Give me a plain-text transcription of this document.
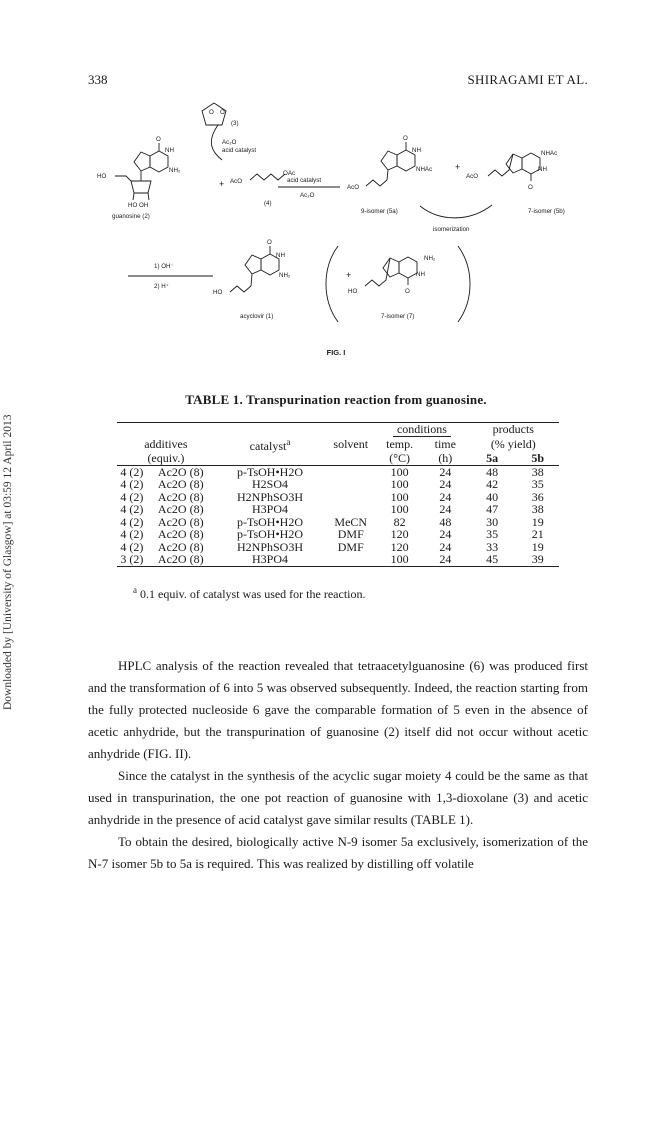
338	SHIRAGAMI ET AL.
Downloaded by [University of Glasgow] at 03:59 12 April 2013
O O
(3)
Ac₂O
acid catalyst
O
NH
NH₂
HO
HO OH
guanosine (2)
+ AcO
OAc
(4)
acid catalyst
Ac₂O
O
NH
NHAc
AcO
9-isomer (5a)
+
AcO
NHAc
NH
O
7-isomer (5b)
isomerization
1) OH⁻
2) H⁺
O
NH
NH₂
HO
acyclovir (1)
+
NH₂
NH
O
HO
7-isomer (7)
FIG. I
TABLE 1. Transpurination reaction from guanosine.
				conditions		products	
additives		catalyst$^a$	solvent	temp.	time	(% yield)	
(equiv.)				(°C)	(h)	5a	5b
4 (2)	Ac2O (8)	p-TsOH•H2O		100	24	48	38
4 (2)	Ac2O (8)	H2SO4		100	24	42	35
4 (2)	Ac2O (8)	H2NPhSO3H		100	24	40	36
4 (2)	Ac2O (8)	H3PO4		100	24	47	38
4 (2)	Ac2O (8)	p-TsOH•H2O	MeCN	82	48	30	19
4 (2)	Ac2O (8)	p-TsOH•H2O	DMF	120	24	35	21
4 (2)	Ac2O (8)	H2NPhSO3H	DMF	120	24	33	19
3 (2)	Ac2O (8)	H3PO4		100	24	45	39
$^a$ 0.1 equiv. of catalyst was used for the reaction.

HPLC analysis of the reaction revealed that tetraacetylguanosine (6) was produced first and the transformation of 6 into 5 was observed subsequently. Indeed, the reaction starting from the fully protected nucleoside 6 gave the comparable formation of 5 even in the absence of acetic anhydride, but the transpurination of guanosine (2) itself did not occur without acetic anhydride (FIG. II).

Since the catalyst in the synthesis of the acyclic sugar moiety 4 could be the same as that used in transpurination, the one pot reaction of guanosine with 1,3-dioxolane (3) and acetic anhydride in the presence of acid catalyst gave similar results (TABLE 1).

To obtain the desired, biologically active N-9 isomer 5a exclusively, isomerization of the N-7 isomer 5b to 5a is required. This was realized by distilling off volatile
